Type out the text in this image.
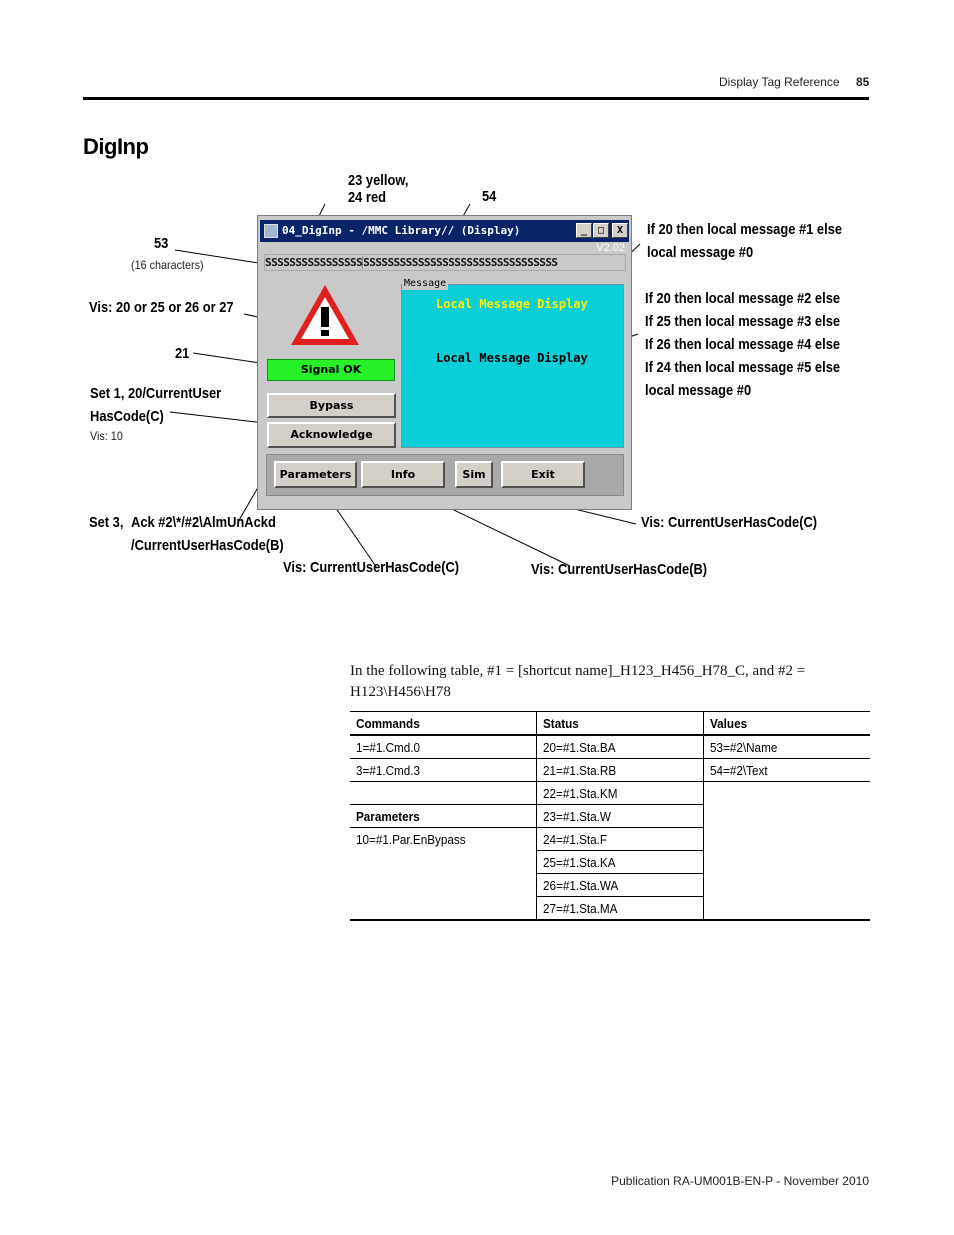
Display Tag Reference 85
DigInp
23 yellow,
24 red	54
53
(16 characters)
Vis: 20 or 25 or 26 or 27
21
Set 1, 20/CurrentUser
HasCode(C)
Vis: 10
Set 3, Ack #2\*/#2\AlmUnAckd
/CurrentUserHasCode(B)
Vis: CurrentUserHasCode(C)	Vis: CurrentUserHasCode(B)
Vis: CurrentUserHasCode(C)
If 20 then local message #1 else
local message #0
If 20 then local message #2 else
If 25 then local message #3 else
If 26 then local message #4 else
If 24 then local message #5 else
local message #0
04_DigInp - /MMC Library// (Display)	_	□	X
V2.02
SSSSSSSSSSSSSSSSSSSSSSSSSSSSSSSSSSSSSSSSSSSSSSSS
Signal OK
Bypass
Acknowledge
Local Message Display
Local Message Display
Message
Parameters	Info	Sim	Exit
In the following table, #1 = [shortcut name]_H123_H456_H78_C, and #2 = H123\H456\H78
Commands	Status	Values
1=#1.Cmd.0	20=#1.Sta.BA	53=#2\Name
3=#1.Cmd.3	21=#1.Sta.RB	54=#2\Text
	22=#1.Sta.KM	
Parameters	23=#1.Sta.W	
10=#1.Par.EnBypass	24=#1.Sta.F	
	25=#1.Sta.KA	
	26=#1.Sta.WA	
	27=#1.Sta.MA	
Publication RA-UM001B-EN-P - November 2010
